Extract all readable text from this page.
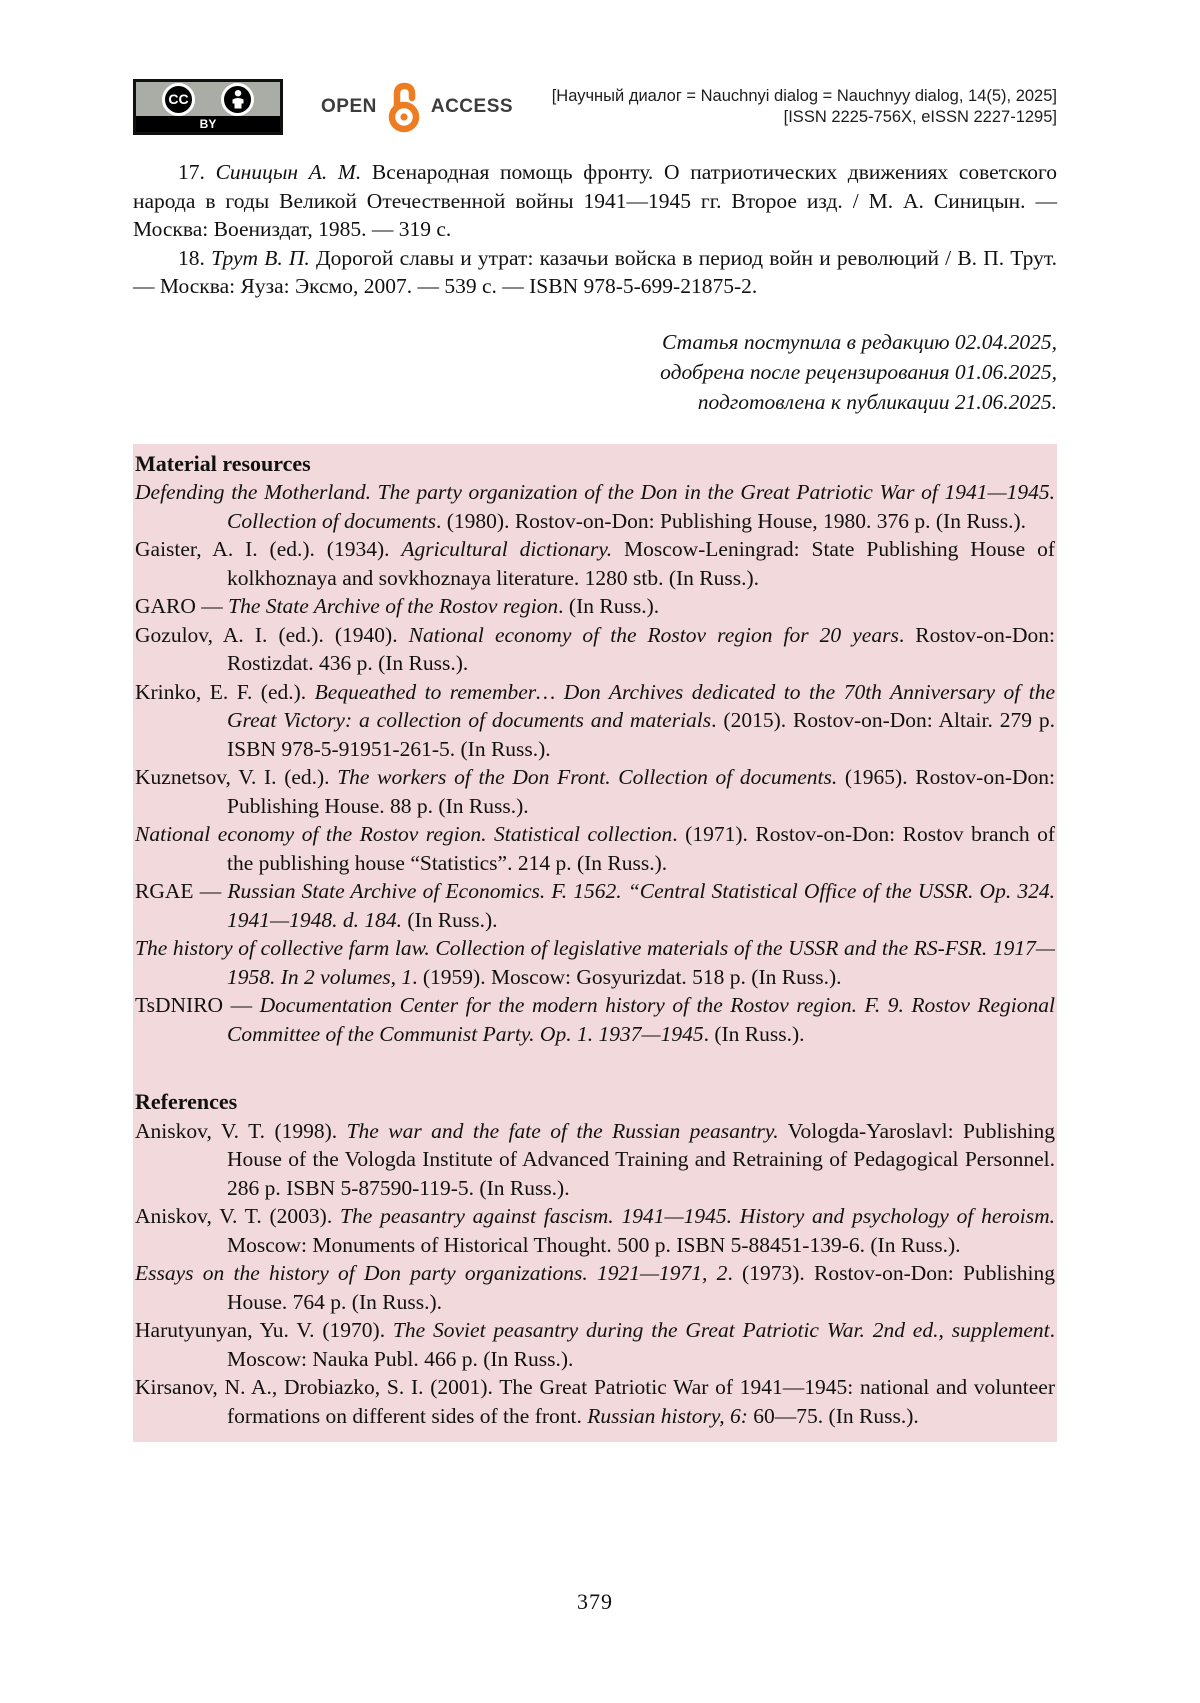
CC
BY
OPEN	ACCESS [Научный диалог = Nauchnyi dialog = Nauchnyy dialog, 14(5), 2025]
[ISSN 2225-756X, eISSN 2227-1295]

17. Синицын А. М. Всенародная помощь фронту. О патриотических движениях советского народа в годы Великой Отечественной войны 1941—1945 гг. Второе изд. / М. А. Синицын. — Москва: Воениздат, 1985. — 319 с.

18. Трут В. П. Дорогой славы и утрат: казачьи войска в период войн и революций / В. П. Трут. — Москва: Яуза: Эксмо, 2007. — 539 с. — ISBN 978-5-699-21875-2.

Статья поступила в редакцию 02.04.2025,
одобрена после рецензирования 01.06.2025,
подготовлена к публикации 21.06.2025.
Material resources

Defending the Motherland. The party organization of the Don in the Great Patriotic War of 1941—1945. Collection of documents. (1980). Rostov-on-Don: Publishing House, 1980. 376 p. (In Russ.).

Gaister, A. I. (ed.). (1934). Agricultural dictionary. Moscow-Leningrad: State Publishing House of kolkhoznaya and sovkhoznaya literature. 1280 stb. (In Russ.).

GARO — The State Archive of the Rostov region. (In Russ.).

Gozulov, A. I. (ed.). (1940). National economy of the Rostov region for 20 years. Rostov-on-Don: Rostizdat. 436 p. (In Russ.).

Krinko, E. F. (ed.). Bequeathed to remember… Don Archives dedicated to the 70th Anniversary of the Great Victory: a collection of documents and materials. (2015). Rostov-on-Don: Altair. 279 p. ISBN 978-5-91951-261-5. (In Russ.).

Kuznetsov, V. I. (ed.). The workers of the Don Front. Collection of documents. (1965). Rostov-on-Don: Publishing House. 88 p. (In Russ.).

National economy of the Rostov region. Statistical collection. (1971). Rostov-on-Don: Rostov branch of the publishing house “Statistics”. 214 p. (In Russ.).

RGAE — Russian State Archive of Economics. F. 1562. “Central Statistical Office of the USSR. Op. 324. 1941—1948. d. 184. (In Russ.).

The history of collective farm law. Collection of legislative materials of the USSR and the RS-FSR. 1917—1958. In 2 volumes, 1. (1959). Moscow: Gosyurizdat. 518 p. (In Russ.).

TsDNIRO — Documentation Center for the modern history of the Rostov region. F. 9. Rostov Regional Committee of the Communist Party. Op. 1. 1937—1945. (In Russ.).

References

Aniskov, V. T. (1998). The war and the fate of the Russian peasantry. Vologda-Yaroslavl: Publishing House of the Vologda Institute of Advanced Training and Retraining of Pedagogical Personnel. 286 p. ISBN 5-87590-119-5. (In Russ.).

Aniskov, V. T. (2003). The peasantry against fascism. 1941—1945. History and psychology of heroism. Moscow: Monuments of Historical Thought. 500 p. ISBN 5-88451-139-6. (In Russ.).

Essays on the history of Don party organizations. 1921—1971, 2. (1973). Rostov-on-Don: Publishing House. 764 p. (In Russ.).

Harutyunyan, Yu. V. (1970). The Soviet peasantry during the Great Patriotic War. 2nd ed., supplement. Moscow: Nauka Publ. 466 p. (In Russ.).

Kirsanov, N. A., Drobiazko, S. I. (2001). The Great Patriotic War of 1941—1945: national and volunteer formations on different sides of the front. Russian history, 6: 60—75. (In Russ.).

379
